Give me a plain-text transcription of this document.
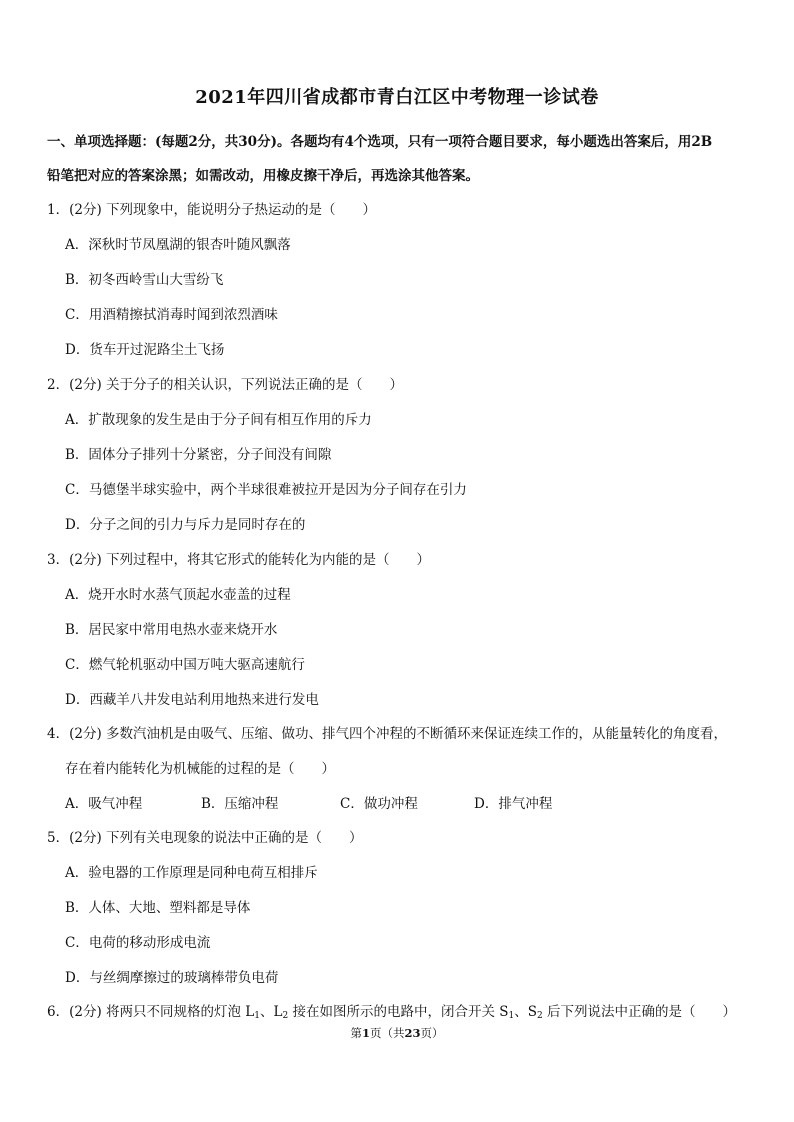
2021年四川省成都市青白江区中考物理一诊试卷
一、单项选择题：(每题2分，共30分)。各题均有4个选项，只有一项符合题目要求，每小题选出答案后，用2B
铅笔把对应的答案涂黑；如需改动，用橡皮擦干净后，再选涂其他答案。
1．(2分) 下列现象中，能说明分子热运动的是（　　）
A．深秋时节凤凰湖的银杏叶随风飘落
B．初冬西岭雪山大雪纷飞
C．用酒精擦拭消毒时闻到浓烈酒味
D．货车开过泥路尘土飞扬
2．(2分) 关于分子的相关认识，下列说法正确的是（　　）
A．扩散现象的发生是由于分子间有相互作用的斥力
B．固体分子排列十分紧密，分子间没有间隙
C．马德堡半球实验中，两个半球很难被拉开是因为分子间存在引力
D．分子之间的引力与斥力是同时存在的
3．(2分) 下列过程中，将其它形式的能转化为内能的是（　　）
A．烧开水时水蒸气顶起水壶盖的过程
B．居民家中常用电热水壶来烧开水
C．燃气轮机驱动中国万吨大驱高速航行
D．西藏羊八井发电站利用地热来进行发电
4．(2分) 多数汽油机是由吸气、压缩、做功、排气四个冲程的不断循环来保证连续工作的，从能量转化的角度看，
存在着内能转化为机械能的过程的是（　　）
A．吸气冲程	B．压缩冲程	C．做功冲程	D．排气冲程
5．(2分) 下列有关电现象的说法中正确的是（　　）
A．验电器的工作原理是同种电荷互相排斥
B．人体、大地、塑料都是导体
C．电荷的移动形成电流
D．与丝绸摩擦过的玻璃棒带负电荷
6．(2分) 将两只不同规格的灯泡 $L_1$、$L_2$ 接在如图所示的电路中，闭合开关 $S_1$、$S_2$ 后下列说法中正确的是（　　）
第1页（共23页）
